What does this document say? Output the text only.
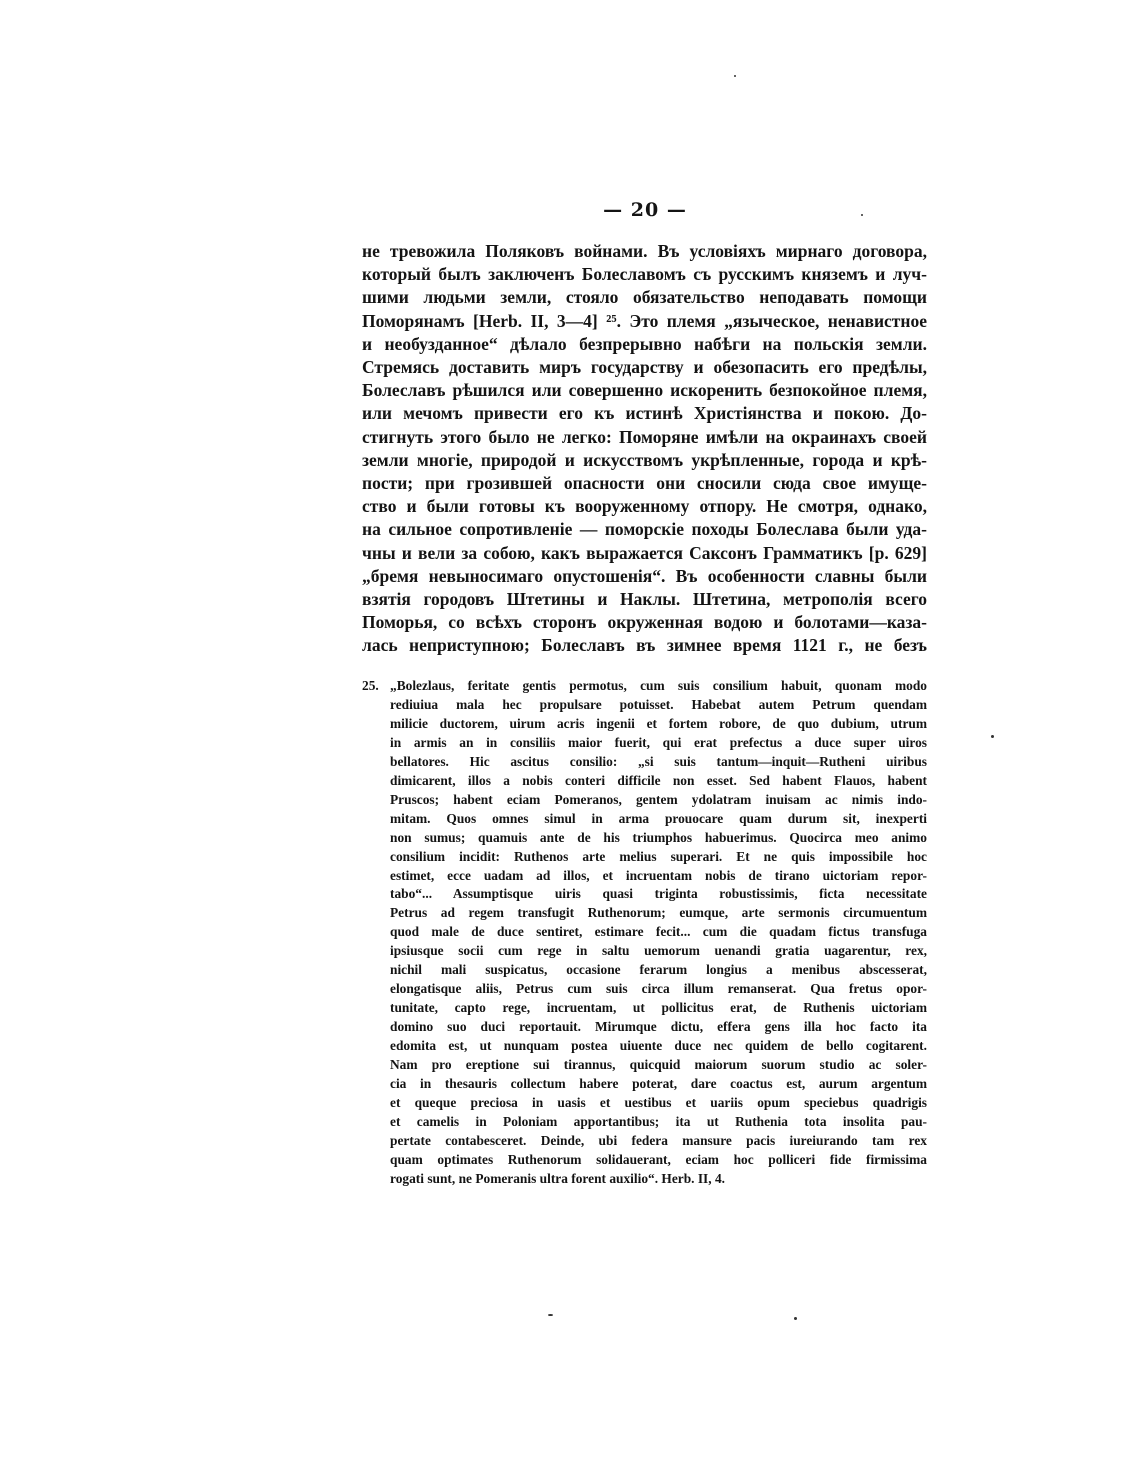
— 20 —
не тревожила Поляковъ войнами. Въ условіяхъ мирнаго договора,
который былъ заключенъ Болеславомъ съ русскимъ княземъ и луч-
шими людьми земли, стояло обязательство неподавать помощи
Поморянамъ [Herb. II, 3—4] ²⁵. Это племя „языческое, ненавистное
и необузданное“ дѣлало безпрерывно набѣги на польскія земли.
Стремясь доставить миръ государству и обезопасить его предѣлы,
Болеславъ рѣшился или совершенно искоренить безпокойное племя,
или мечомъ привести его къ истинѣ Христіянства и покою. До-
стигнуть этого было не легко: Поморяне имѣли на окраинахъ своей
земли многіе, природой и искусствомъ укрѣпленные, города и крѣ-
пости; при грозившей опасности они сносили сюда свое имуще-
ство и были готовы къ вооруженному отпору. Не смотря, однако,
на сильное сопротивленіе — поморскіе походы Болеслава были уда-
чны и вели за собою, какъ выражается Саксонъ Грамматикъ [p. 629]
„бремя невыносимаго опустошенія“. Въ особенности славны были
взятія городовъ Штетины и Наклы. Штетина, метрополія всего
Поморья, со всѣхъ сторонъ окруженная водою и болотами—каза-
лась неприступною; Болеславъ въ зимнее время 1121 г., не безъ
25. „Bolezlaus, feritate gentis permotus, cum suis consilium habuit, quonam modo
rediuiua mala hec propulsare potuisset. Habebat autem Petrum quendam
milicie ductorem, uirum acris ingenii et fortem robore, de quo dubium, utrum
in armis an in consiliis maior fuerit, qui erat prefectus a duce super uiros
bellatores. Hic ascitus consilio: „si suis tantum—inquit—Rutheni uiribus
dimicarent, illos a nobis conteri difficile non esset. Sed habent Flauos, habent
Pruscos; habent eciam Pomeranos, gentem ydolatram inuisam ac nimis indo-
mitam. Quos omnes simul in arma prouocare quam durum sit, inexperti
non sumus; quamuis ante de his triumphos habuerimus. Quocirca meo animo
consilium incidit: Ruthenos arte melius superari. Et ne quis impossibile hoc
estimet, ecce uadam ad illos, et incruentam nobis de tirano uictoriam repor-
tabo“... Assumptisque uiris quasi triginta robustissimis, ficta necessitate
Petrus ad regem transfugit Ruthenorum; eumque, arte sermonis circumuentum
quod male de duce sentiret, estimare fecit... cum die quadam fictus transfuga
ipsiusque socii cum rege in saltu uemorum uenandi gratia uagarentur, rex,
nichil mali suspicatus, occasione ferarum longius a menibus abscesserat,
elongatisque aliis, Petrus cum suis circa illum remanserat. Qua fretus opor-
tunitate, capto rege, incruentam, ut pollicitus erat, de Ruthenis uictoriam
domino suo duci reportauit. Mirumque dictu, effera gens illa hoc facto ita
edomita est, ut nunquam postea uiuente duce nec quidem de bello cogitarent.
Nam pro ereptione sui tirannus, quicquid maiorum suorum studio ac soler-
cia in thesauris collectum habere poterat, dare coactus est, aurum argentum
et queque preciosa in uasis et uestibus et uariis opum speciebus quadrigis
et camelis in Poloniam apportantibus; ita ut Ruthenia tota insolita pau-
pertate contabesceret. Deinde, ubi federa mansure pacis iureiurando tam rex
quam optimates Ruthenorum solidauerant, eciam hoc polliceri fide firmissima
rogati sunt, ne Pomeranis ultra forent auxilio“. Herb. II, 4.
